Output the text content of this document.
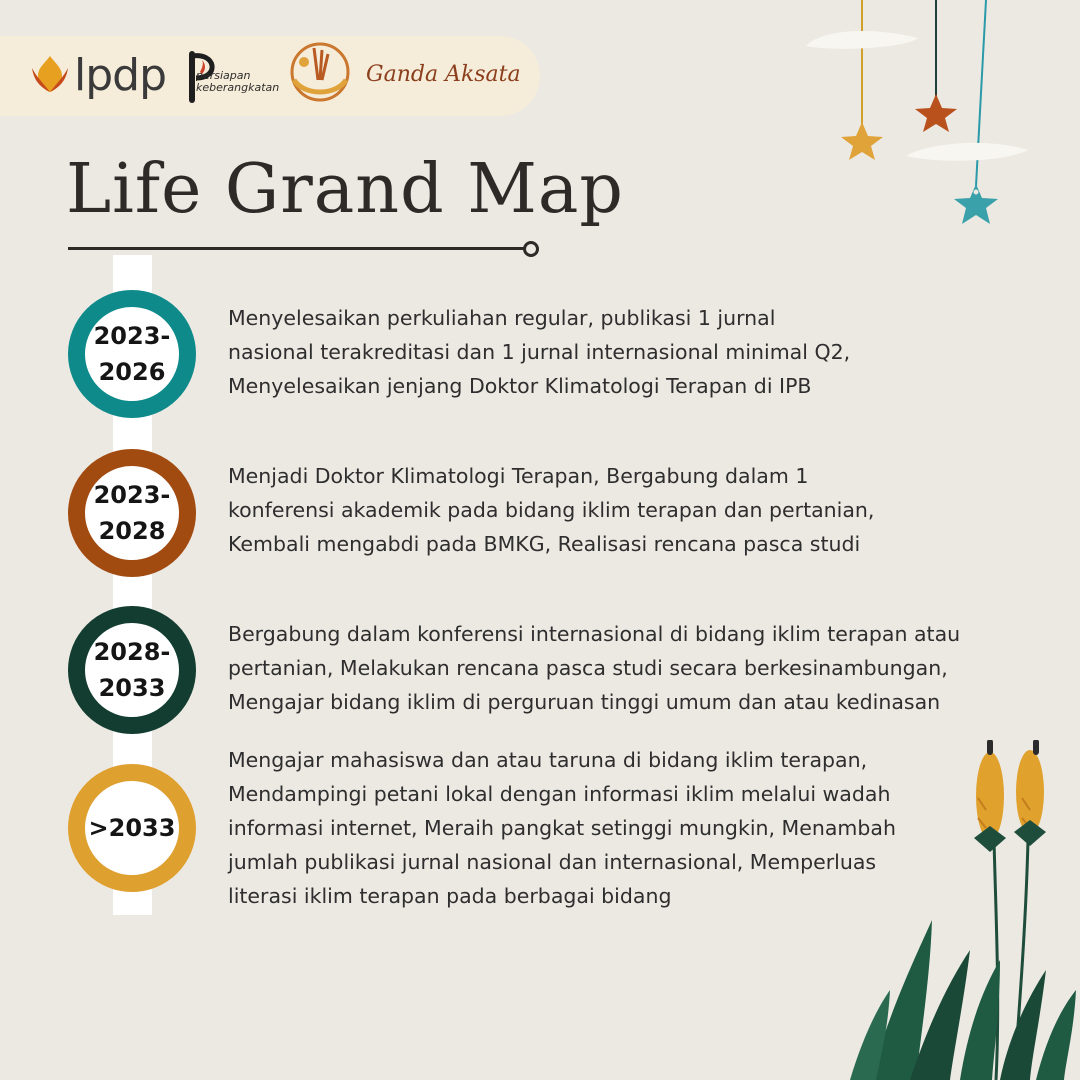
lpdp	persiapan
keberangkatan
Ganda Aksata
Life Grand Map
2023-
2026
Menyelesaikan perkuliahan regular, publikasi 1 jurnal
nasional terakreditasi dan 1 jurnal internasional minimal Q2,
Menyelesaikan jenjang Doktor Klimatologi Terapan di IPB
2023-
2028
Menjadi Doktor Klimatologi Terapan, Bergabung dalam 1
konferensi akademik pada bidang iklim terapan dan pertanian,
Kembali mengabdi pada BMKG, Realisasi rencana pasca studi
2028-
2033
Bergabung dalam konferensi internasional di bidang iklim terapan atau
pertanian, Melakukan rencana pasca studi secara berkesinambungan,
Mengajar bidang iklim di perguruan tinggi umum dan atau kedinasan
>2033
Mengajar mahasiswa dan atau taruna di bidang iklim terapan,
Mendampingi petani lokal dengan informasi iklim melalui wadah
informasi internet, Meraih pangkat setinggi mungkin, Menambah
jumlah publikasi jurnal nasional dan internasional, Memperluas
literasi iklim terapan pada berbagai bidang
